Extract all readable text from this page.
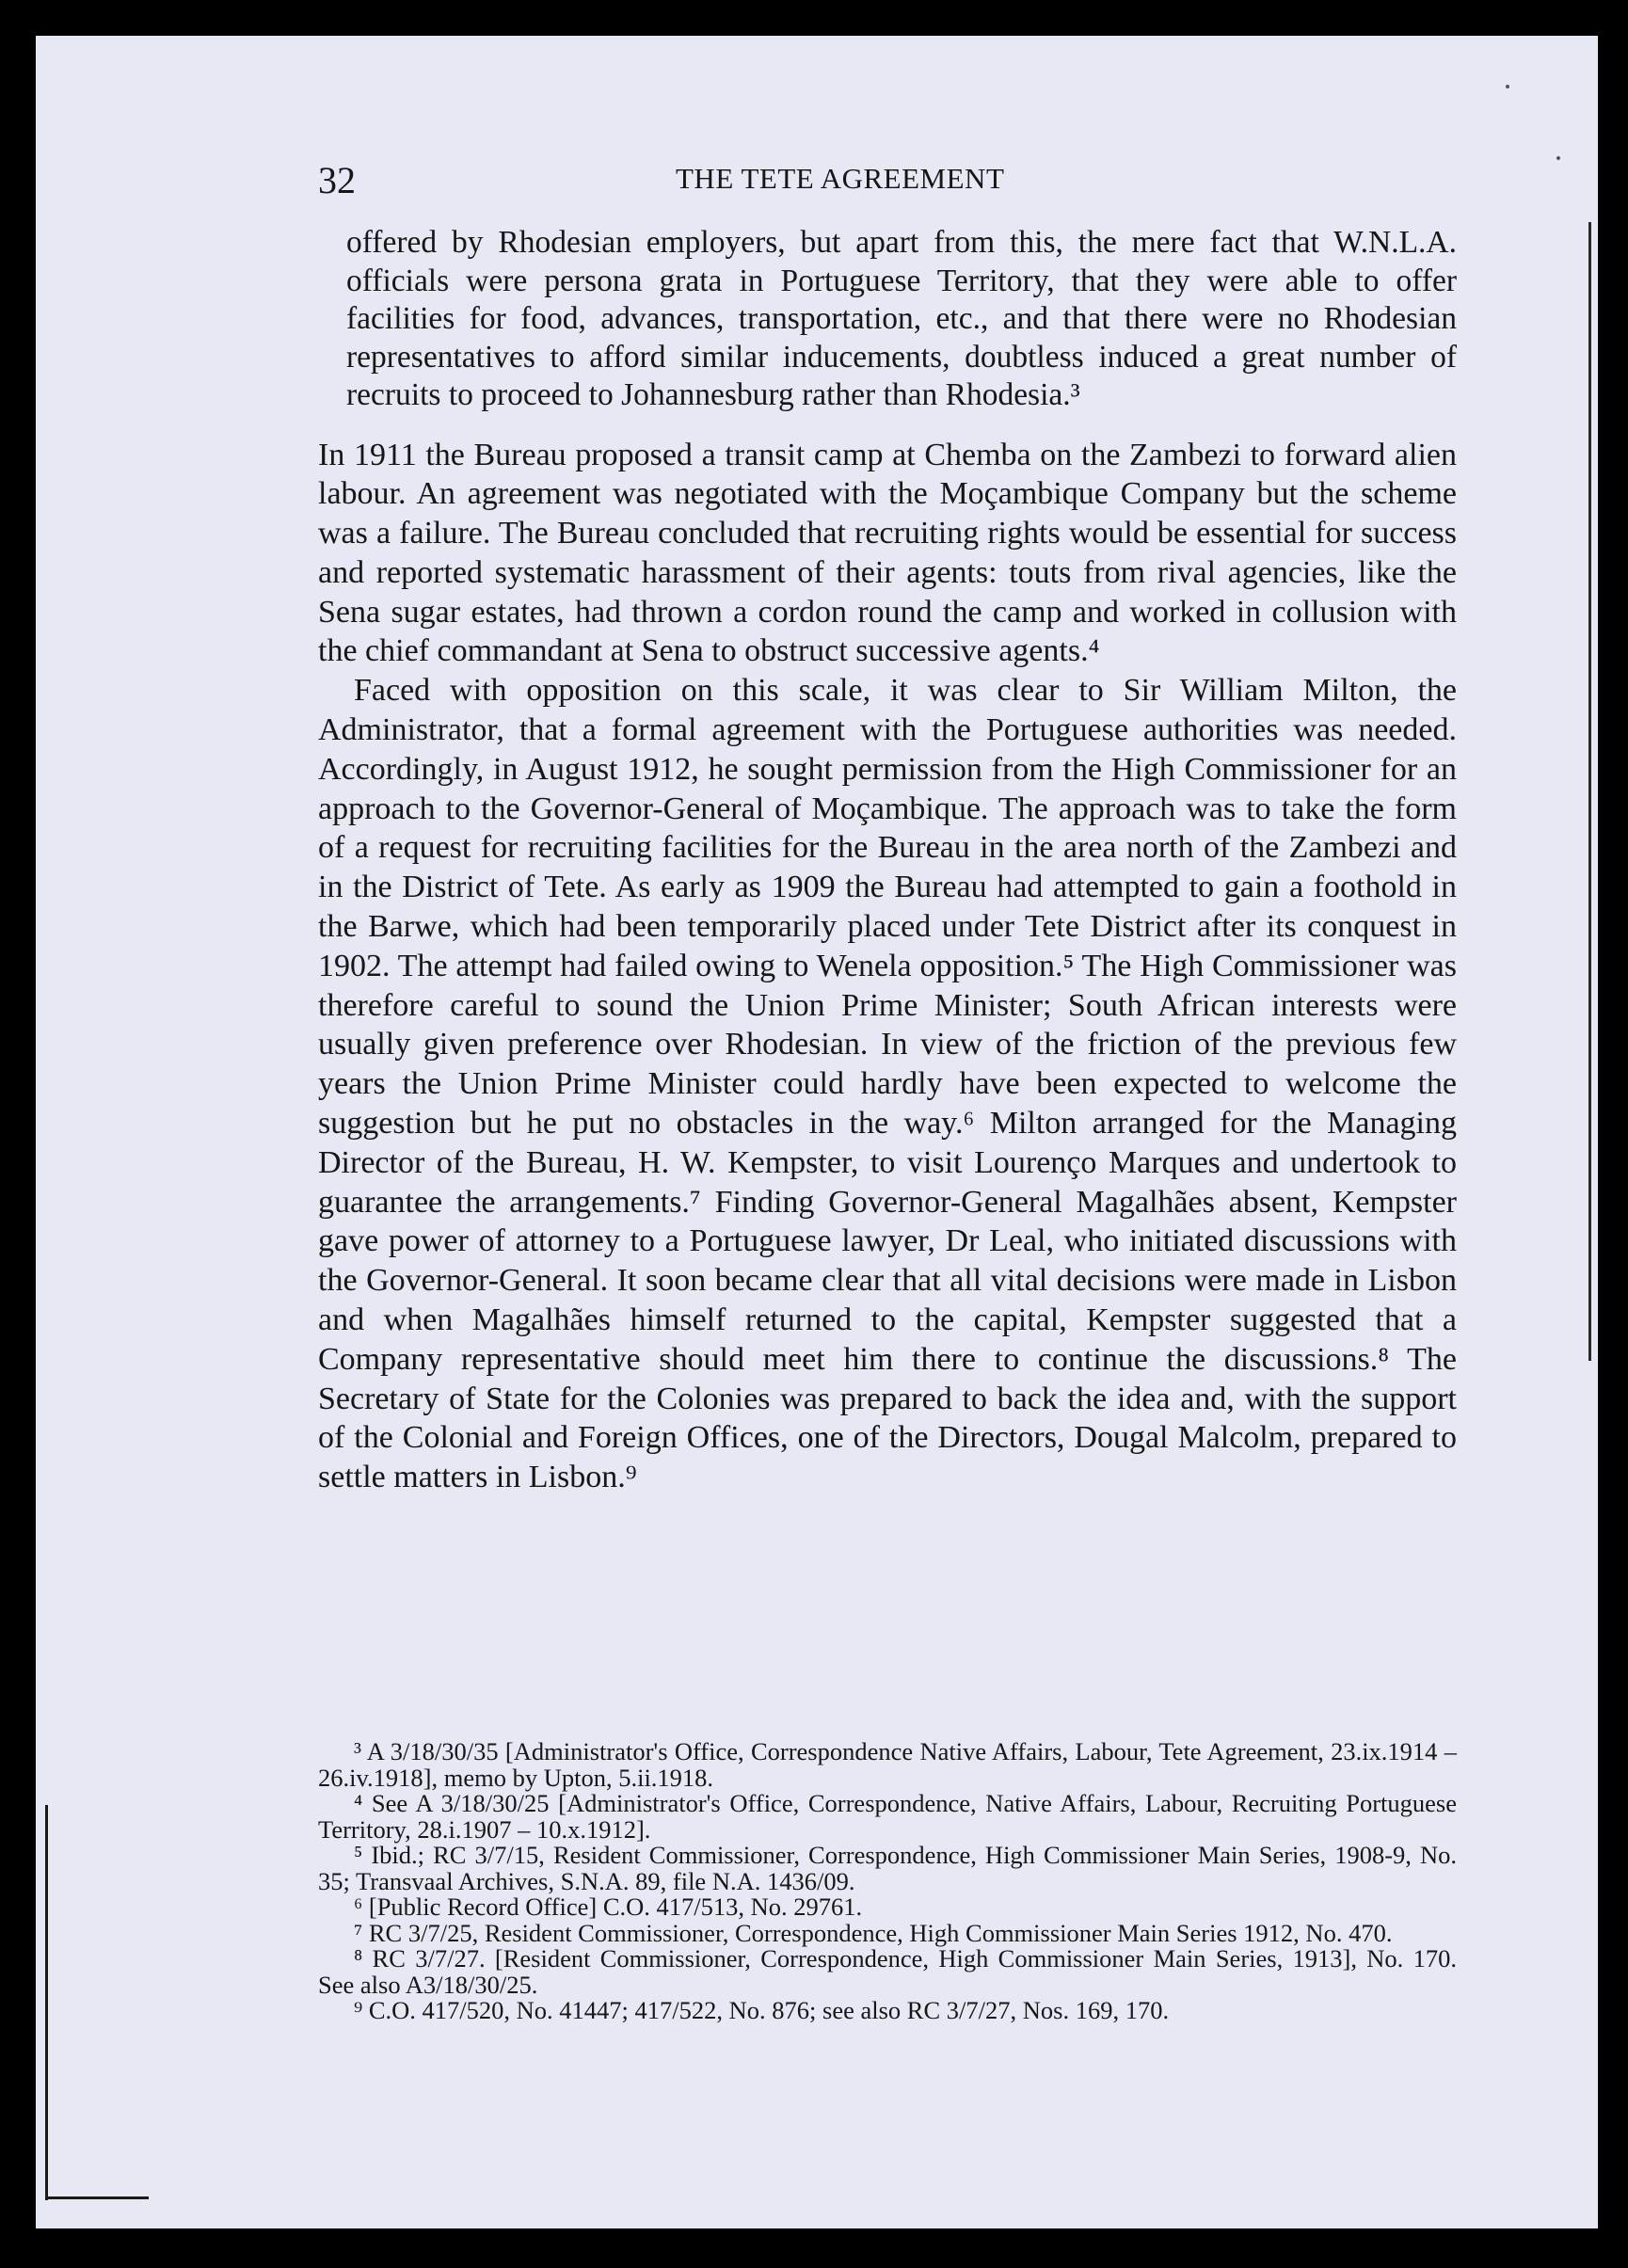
32	THE TETE AGREEMENT

offered by Rhodesian employers, but apart from this, the mere fact that W.N.L.A. officials were persona grata in Portuguese Territory, that they were able to offer facilities for food, advances, transportation, etc., and that there were no Rhodesian representatives to afford similar inducements, doubtless induced a great number of recruits to proceed to Johannesburg rather than Rhodesia.³

In 1911 the Bureau proposed a transit camp at Chemba on the Zambezi to forward alien labour. An agreement was negotiated with the Moçambique Company but the scheme was a failure. The Bureau concluded that recruiting rights would be essential for success and reported systematic harassment of their agents: touts from rival agencies, like the Sena sugar estates, had thrown a cordon round the camp and worked in collusion with the chief commandant at Sena to obstruct successive agents.⁴

Faced with opposition on this scale, it was clear to Sir William Milton, the Administrator, that a formal agreement with the Portuguese authorities was needed. Accordingly, in August 1912, he sought permission from the High Commissioner for an approach to the Governor-General of Moçambique. The approach was to take the form of a request for recruiting facilities for the Bureau in the area north of the Zambezi and in the District of Tete. As early as 1909 the Bureau had attempted to gain a foothold in the Barwe, which had been temporarily placed under Tete District after its conquest in 1902. The attempt had failed owing to Wenela opposition.⁵ The High Commissioner was therefore careful to sound the Union Prime Minister; South African interests were usually given preference over Rhodesian. In view of the friction of the previous few years the Union Prime Minister could hardly have been expected to welcome the suggestion but he put no obstacles in the way.⁶ Milton arranged for the Managing Director of the Bureau, H. W. Kempster, to visit Lourenço Marques and undertook to guarantee the arrangements.⁷ Finding Governor-General Magalhães absent, Kempster gave power of attorney to a Portuguese lawyer, Dr Leal, who initiated discussions with the Governor-General. It soon became clear that all vital decisions were made in Lisbon and when Magalhães himself returned to the capital, Kempster suggested that a Company representative should meet him there to continue the discussions.⁸ The Secretary of State for the Colonies was prepared to back the idea and, with the support of the Colonial and Foreign Offices, one of the Directors, Dougal Malcolm, prepared to settle matters in Lisbon.⁹

³ A 3/18/30/35 [Administrator's Office, Correspondence Native Affairs, Labour, Tete Agreement, 23.ix.1914 – 26.iv.1918], memo by Upton, 5.ii.1918.

⁴ See A 3/18/30/25 [Administrator's Office, Correspondence, Native Affairs, Labour, Recruiting Portuguese Territory, 28.i.1907 – 10.x.1912].

⁵ Ibid.; RC 3/7/15, Resident Commissioner, Correspondence, High Commissioner Main Series, 1908-9, No. 35; Transvaal Archives, S.N.A. 89, file N.A. 1436/09.

⁶ [Public Record Office] C.O. 417/513, No. 29761.

⁷ RC 3/7/25, Resident Commissioner, Correspondence, High Commissioner Main Series 1912, No. 470.

⁸ RC 3/7/27. [Resident Commissioner, Correspondence, High Commissioner Main Series, 1913], No. 170. See also A3/18/30/25.

⁹ C.O. 417/520, No. 41447; 417/522, No. 876; see also RC 3/7/27, Nos. 169, 170.
